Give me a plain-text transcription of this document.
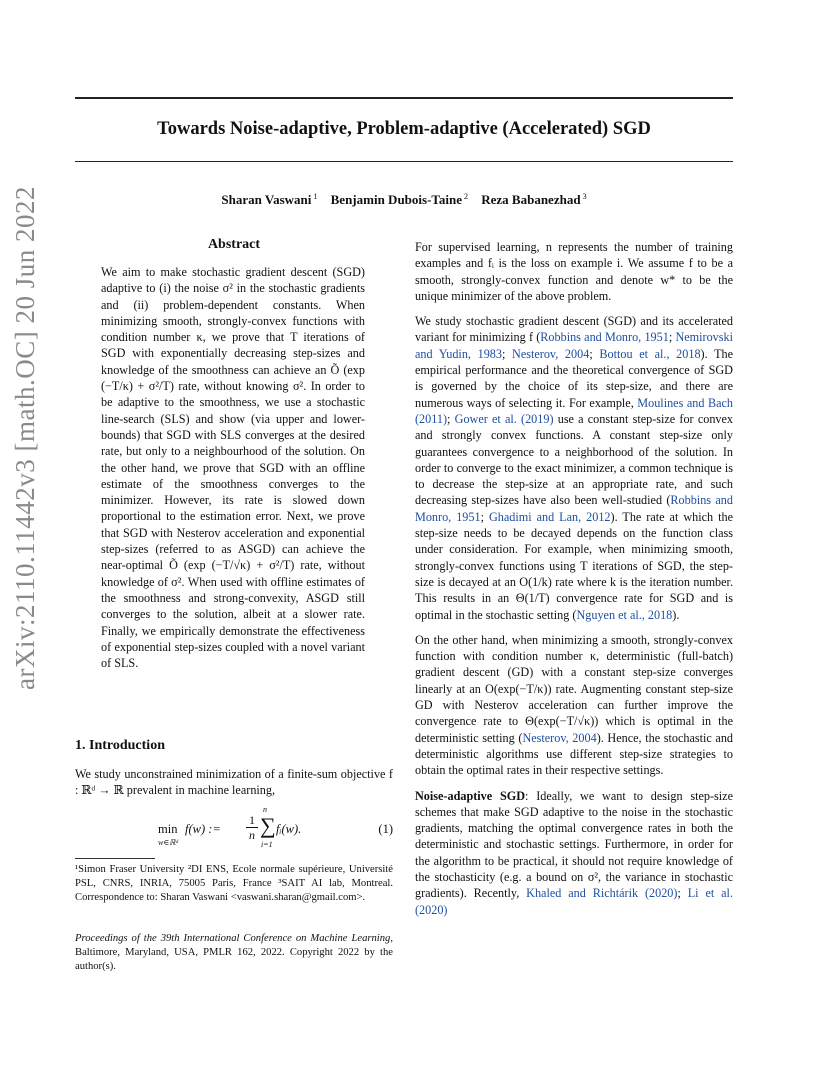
arXiv:2110.11442v3 [math.OC] 20 Jun 2022
Towards Noise-adaptive, Problem-adaptive (Accelerated) SGD
Sharan Vaswani $^1$ Benjamin Dubois-Taine $^2$ Reza Babanezhad $^3$
Abstract

We aim to make stochastic gradient descent (SGD) adaptive to (i) the noise σ² in the stochastic gradients and (ii) problem-dependent constants. When minimizing smooth, strongly-convex functions with condition number κ, we prove that T iterations of SGD with exponentially decreasing step-sizes and knowledge of the smoothness can achieve an Õ (exp (−T/κ) + σ²/T) rate, without knowing σ². In order to be adaptive to the smoothness, we use a stochastic line-search (SLS) and show (via upper and lower-bounds) that SGD with SLS converges at the desired rate, but only to a neighbourhood of the solution. On the other hand, we prove that SGD with an offline estimate of the smoothness converges to the minimizer. However, its rate is slowed down proportional to the estimation error. Next, we prove that SGD with Nesterov acceleration and exponential step-sizes (referred to as ASGD) can achieve the near-optimal Õ (exp (−T/√κ) + σ²/T) rate, without knowledge of σ². When used with offline estimates of the smoothness and strong-convexity, ASGD still converges to the solution, albeit at a slower rate. Finally, we empirically demonstrate the effectiveness of exponential step-sizes coupled with a novel variant of SLS.

1. Introduction

We study unconstrained minimization of a finite-sum objective f : ℝᵈ → ℝ prevalent in machine learning,

min
w∈ℝᵈ
f(w) := $\frac{1}{n}$
n
∑
i=1
fᵢ(w).	(1)

¹Simon Fraser University ²DI ENS, Ecole normale supérieure, Université PSL, CNRS, INRIA, 75005 Paris, France ³SAIT AI lab, Montreal. Correspondence to: Sharan Vaswani <vaswani.sharan@gmail.com>.

Proceedings of the 39th International Conference on Machine Learning, Baltimore, Maryland, USA, PMLR 162, 2022. Copyright 2022 by the author(s).

For supervised learning, n represents the number of training examples and fᵢ is the loss on example i. We assume f to be a smooth, strongly-convex function and denote w* to be the unique minimizer of the above problem.

We study stochastic gradient descent (SGD) and its accelerated variant for minimizing f (Robbins and Monro, 1951; Nemirovski and Yudin, 1983; Nesterov, 2004; Bottou et al., 2018). The empirical performance and the theoretical convergence of SGD is governed by the choice of its step-size, and there are numerous ways of selecting it. For example, Moulines and Bach (2011); Gower et al. (2019) use a constant step-size for convex and strongly convex functions. A constant step-size only guarantees convergence to a neighborhood of the solution. In order to converge to the exact minimizer, a common technique is to decrease the step-size at an appropriate rate, and such decreasing step-sizes have also been well-studied (Robbins and Monro, 1951; Ghadimi and Lan, 2012). The rate at which the step-size needs to be decayed depends on the function class under consideration. For example, when minimizing smooth, strongly-convex functions using T iterations of SGD, the step-size is decayed at an O(1/k) rate where k is the iteration number. This results in an Θ(1/T) convergence rate for SGD and is optimal in the stochastic setting (Nguyen et al., 2018).

On the other hand, when minimizing a smooth, strongly-convex function with condition number κ, deterministic (full-batch) gradient descent (GD) with a constant step-size converges linearly at an O(exp(−T/κ)) rate. Augmenting constant step-size GD with Nesterov acceleration can further improve the convergence rate to Θ(exp(−T/√κ)) which is optimal in the deterministic setting (Nesterov, 2004). Hence, the stochastic and deterministic algorithms use different step-size strategies to obtain the optimal rates in their respective settings.

Noise-adaptive SGD: Ideally, we want to design step-size schemes that make SGD adaptive to the noise in the stochastic gradients, matching the optimal convergence rates in both the deterministic and stochastic settings. Furthermore, in order for the algorithm to be practical, it should not require knowledge of the stochasticity (e.g. a bound on σ², the variance in stochastic gradients). Recently, Khaled and Richtárik (2020); Li et al. (2020)
